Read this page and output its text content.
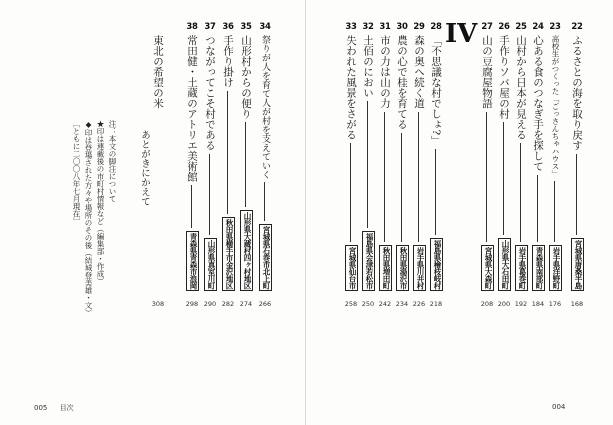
IV	22
ふるさとの海を取り戻す
宮城県唐桑半島
168
23
高校生がつくった「ごっさんちゃハウス」
岩手県洋野町
176
24
心ある食のつなぎ手を探して
青森県南部町
184
25
山村から日本が見える
岩手県葛巻町
192
26
手作りソバ屋の村
山形県大石田町
200
27
山の豆腐屋物語
宮城県大森町
208
28
「不思議な村でしょ?」
福島県檜枝岐村
218
29
森の奥へ続く道
岩手県川井村
226
30
農の心で桂を育てる
秋田県湯沢市
234
31
市の力は山の力
秋田県増田町
242
32
土佰のにおい
福島県会津若松市
250
33
失われた風景をさがる
宮城県仙台市
258
34
祭りが人を育て人が村を支えていく
宮城県石巻市北上町
266
35
山形村からの便り
山形県大蔵村四ヶ村地区
274
36
手作り掛け
秋田県横手市金沢地区
282
37
つながってこそ村である
山形県真室川町
290
38
常田健・土蔵のアトリエ美術館
青森県青森市浪岡
298
東北の希望の米
308
あとがきにかえて
注：本文の脚注について
★印は連載後の市町村情報など（編集部・作成）
◆印は登場された方々や場所のその後（結城登美雄・文）
［ともに二〇〇八年七月現在］
005 目次	004
